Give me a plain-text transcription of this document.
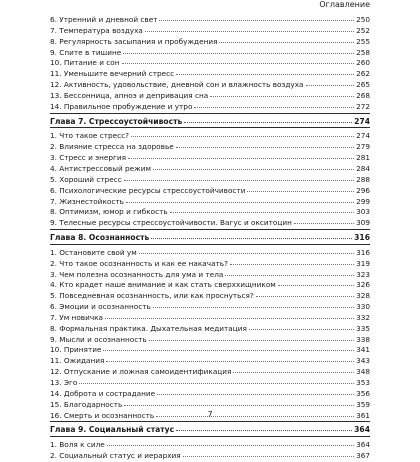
Оглавление
6. Утренний и дневной свет	250
7. Температура воздуха	252
8. Регулярность засыпания и пробуждения	255
9. Спите в тишине	258
10. Питание и сон	260
11. Уменьшите вечерний стресс	262
12. Активность, удовольствие, дневной сон и влажность воздуха	265
13. Бессонница, апноэ и депривация сна	268
14. Правильное пробуждение и утро	272
Глава 7. Стрессоустойчивость	274
1. Что такое стресс?	274
2. Влияние стресса на здоровье	279
3. Стресс и энергия	281
4. Антистрессовый режим	284
5. Хороший стресс	288
6. Психологические ресурсы стрессоустойчивости	296
7. Жизнестойкость	299
8. Оптимизм, юмор и гибкость	303
9. Телесные ресурсы стрессоустойчивости. Вагус и окситоцин	309
Глава 8. Осознанность	316
1. Остановите свой ум	316
2. Что такое осознанность и как ее накачать?	319
3. Чем полезна осознанность для ума и тела	323
4. Кто крадет наше внимание и как стать сверххищником	326
5. Повседневная осознанность, или как проснуться?	328
6. Эмоции и осознанность	330
7. Ум новичка	332
8. Формальная практика. Дыхательная медитация	335
9. Мысли и осознанность	338
10. Принятие	341
11. Ожидания	343
12. Отпускание и ложная самоидентификация	348
13. Эго	353
14. Доброта и сострадание	356
15. Благодарность	359
16. Смерть и осознанность	361
Глава 9. Социальный статус	364
1. Воля к силе	364
2. Социальный статус и иерархия	367
7
